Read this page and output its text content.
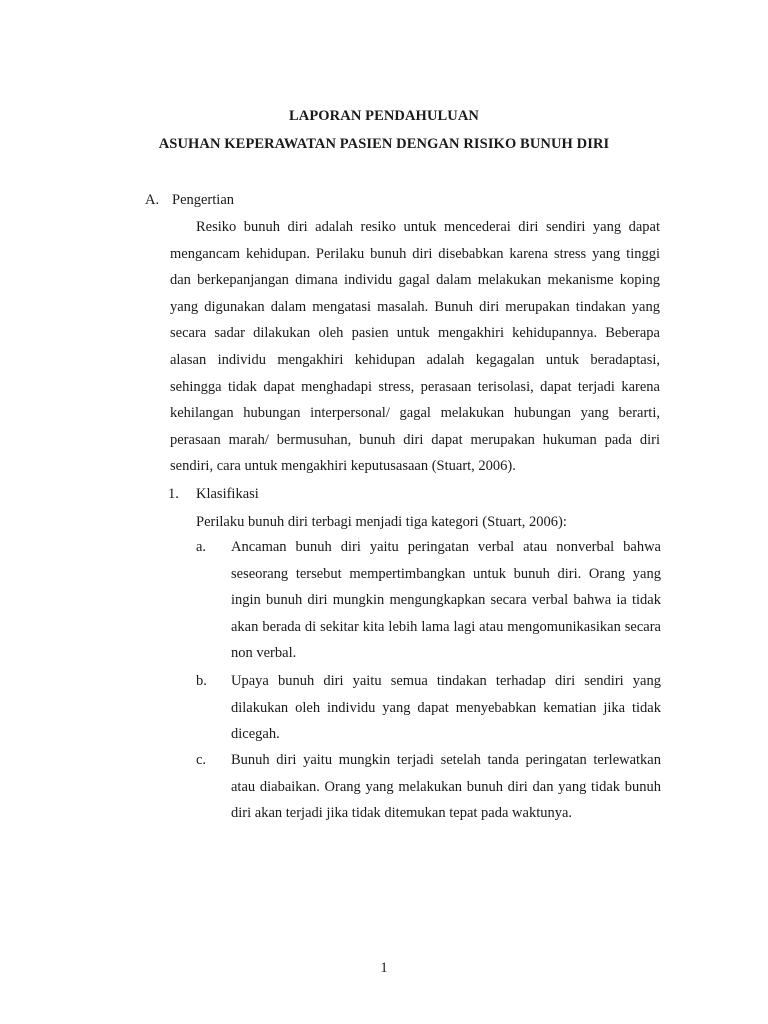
LAPORAN PENDAHULUAN
ASUHAN KEPERAWATAN PASIEN DENGAN RISIKO BUNUH DIRI
A. Pengertian

Resiko bunuh diri adalah resiko untuk mencederai diri sendiri yang dapat mengancam kehidupan. Perilaku bunuh diri disebabkan karena stress yang tinggi dan berkepanjangan dimana individu gagal dalam melakukan mekanisme koping yang digunakan dalam mengatasi masalah. Bunuh diri merupakan tindakan yang secara sadar dilakukan oleh pasien untuk mengakhiri kehidupannya. Beberapa alasan individu mengakhiri kehidupan adalah kegagalan untuk beradaptasi, sehingga tidak dapat menghadapi stress, perasaan terisolasi, dapat terjadi karena kehilangan hubungan interpersonal/ gagal melakukan hubungan yang berarti, perasaan marah/ bermusuhan, bunuh diri dapat merupakan hukuman pada diri sendiri, cara untuk mengakhiri keputusasaan (Stuart, 2006).

1. Klasifikasi

Perilaku bunuh diri terbagi menjadi tiga kategori (Stuart, 2006):

a. Ancaman bunuh diri yaitu peringatan verbal atau nonverbal bahwa seseorang tersebut mempertimbangkan untuk bunuh diri. Orang yang ingin bunuh diri mungkin mengungkapkan secara verbal bahwa ia tidak akan berada di sekitar kita lebih lama lagi atau mengomunikasikan secara non verbal.

b. Upaya bunuh diri yaitu semua tindakan terhadap diri sendiri yang dilakukan oleh individu yang dapat menyebabkan kematian jika tidak dicegah.

c. Bunuh diri yaitu mungkin terjadi setelah tanda peringatan terlewatkan atau diabaikan. Orang yang melakukan bunuh diri dan yang tidak bunuh diri akan terjadi jika tidak ditemukan tepat pada waktunya.

1
